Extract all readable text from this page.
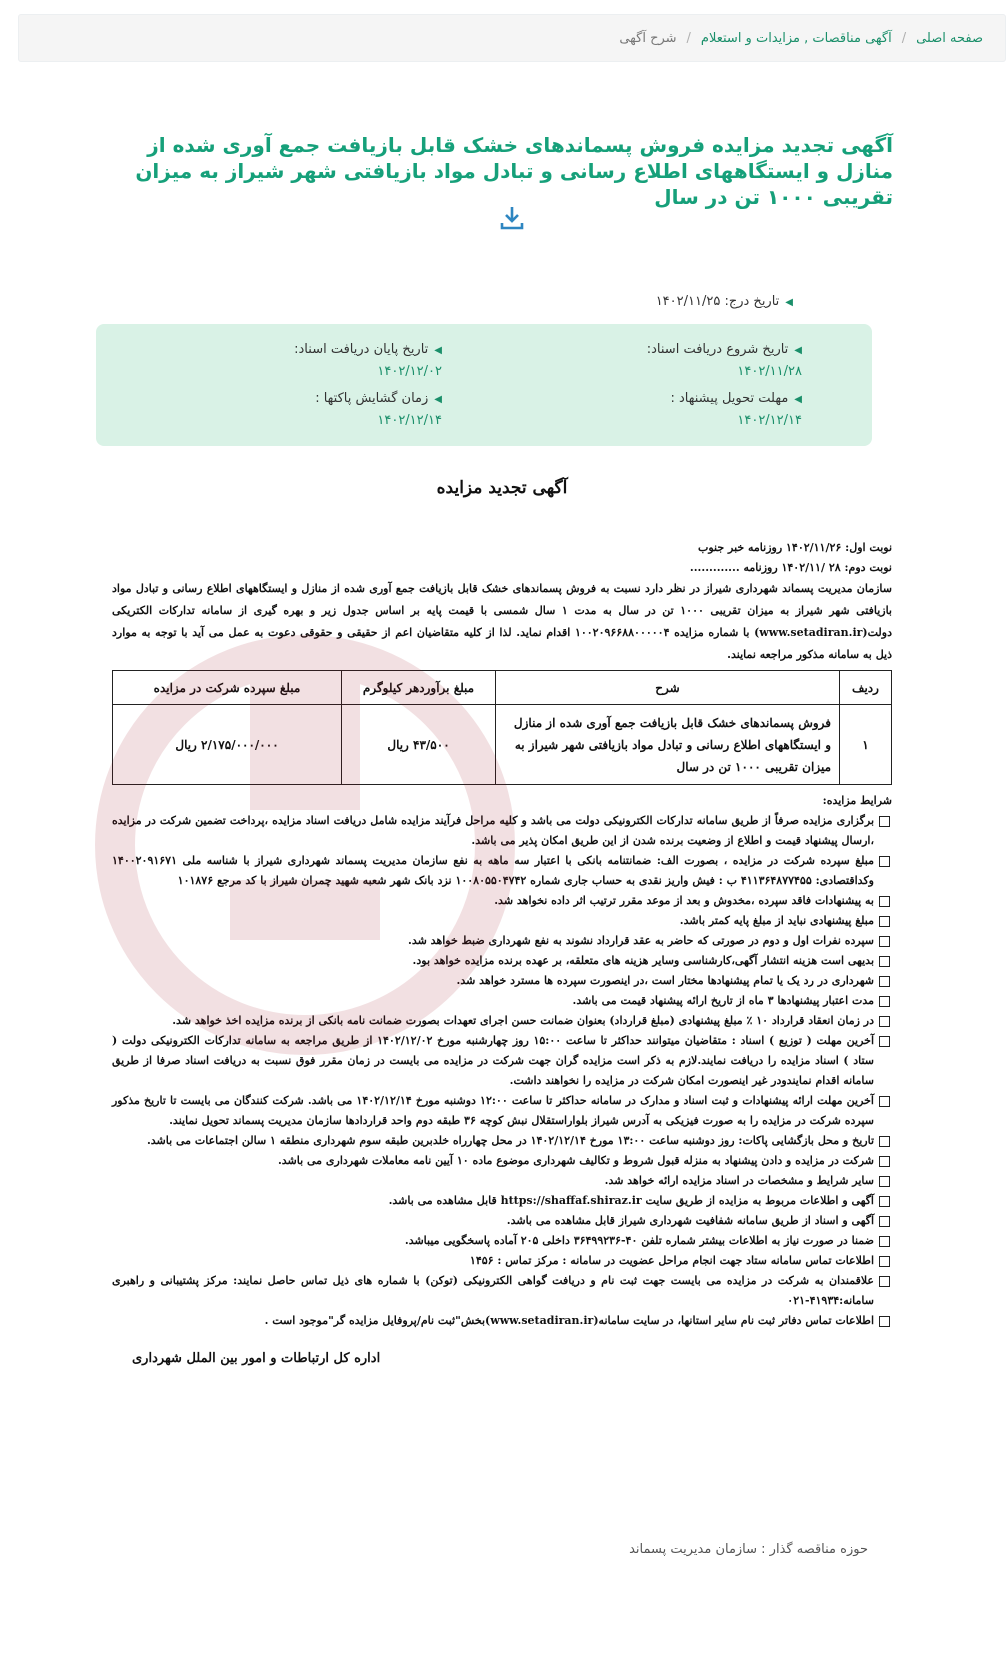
صفحه اصلی
/
آگهی مناقصات , مزایدات و استعلام
/
شرح آگهی
آگهی تجدید مزایده فروش پسماندهای خشک قابل بازیافت جمع آوری شده از منازل و ایستگاههای اطلاع رسانی و تبادل مواد بازیافتی شهر شیراز به میزان تقریبی ۱۰۰۰ تن در سال
◀تاریخ درج: ۱۴۰۲/۱۱/۲۵
◀تاریخ شروع دریافت اسناد:
۱۴۰۲/۱۱/۲۸
◀تاریخ پایان دریافت اسناد:
۱۴۰۲/۱۲/۰۲
◀مهلت تحویل پیشنهاد :
۱۴۰۲/۱۲/۱۴
◀زمان گشایش پاکتها :
۱۴۰۲/۱۲/۱۴
آگهی تجدید مزایده
نوبت اول: ۱۴۰۲/۱۱/۲۶ روزنامه خبر جنوب
نوبت دوم: ۲۸ /۱۴۰۲/۱۱ روزنامه .............

سازمان مدیریت پسماند شهرداری شیراز در نظر دارد نسبت به فروش پسماندهای خشک قابل بازیافت جمع آوری شده از منازل و ایستگاههای اطلاع رسانی و تبادل مواد بازیافتی شهر شیراز به میزان تقریبی ۱۰۰۰ تن در سال به مدت ۱ سال شمسی با قیمت پایه بر اساس جدول زیر و بهره گیری از سامانه تدارکات الکتریکی دولت(www.setadiran.ir) با شماره مزایده ۱۰۰۲۰۹۶۶۸۸۰۰۰۰۰۴ اقدام نماید. لذا از کلیه متقاضیان اعم از حقیقی و حقوقی دعوت به عمل می آید با توجه به موارد ذیل به سامانه مذکور مراجعه نمایند.

ردیف	شرح	مبلغ برآوردهر کیلوگرم	مبلغ سپرده شرکت در مزایده
۱	فروش پسماندهای خشک قابل بازیافت جمع آوری شده از منازل و ایستگاههای اطلاع رسانی و تبادل مواد بازیافتی شهر شیراز به میزان تقریبی ۱۰۰۰ تن در سال	۴۳/۵۰۰ ریال	۲/۱۷۵/۰۰۰/۰۰۰ ریال
شرایط مزایده:
برگزاری مزایده صرفاً از طریق سامانه تدارکات الکترونیکی دولت می باشد و کلیه مراحل فرآیند مزایده شامل دریافت اسناد مزایده ،پرداخت تضمین شرکت در مزایده ،ارسال پیشنهاد قیمت و اطلاع از وضعیت برنده شدن از این طریق امکان پذیر می باشد.
مبلغ سپرده شرکت در مزایده ، بصورت الف: ضمانتنامه بانکی با اعتبار سه ماهه به نفع سازمان مدیریت پسماند شهرداری شیراز با شناسه ملی ۱۴۰۰۲۰۹۱۶۷۱ وکداقتصادی: ۴۱۱۳۶۴۸۷۷۴۵۵ ب : فیش واریز نقدی به حساب جاری شماره ۱۰۰۸۰۵۵۰۴۷۴۲ نزد بانک شهر شعبه شهید چمران شیراز با کد مرجع ۱۰۱۸۷۶
به پیشنهادات فاقد سپرده ،مخدوش و بعد از موعد مقرر ترتیب اثر داده نخواهد شد.
مبلغ پیشنهادی نباید از مبلغ پایه کمتر باشد.
سپرده نفرات اول و دوم در صورتی که حاضر به عقد قرارداد نشوند به نفع شهرداری ضبط خواهد شد.
بدیهی است هزینه انتشار آگهی،کارشناسی وسایر هزینه های متعلقه، بر عهده برنده مزایده خواهد بود.
شهرداری در رد یک یا تمام پیشنهادها مختار است ،در اینصورت سپرده ها مسترد خواهد شد.
مدت اعتبار پیشنهادها ۳ ماه از تاریخ ارائه پیشنهاد قیمت می باشد.
در زمان انعقاد قرارداد ۱۰ ٪ مبلغ پیشنهادی (مبلغ قرارداد) بعنوان ضمانت حسن اجرای تعهدات بصورت ضمانت نامه بانکی از برنده مزایده اخذ خواهد شد.
آخرین مهلت ( توزیع ) اسناد : متقاضیان میتوانند حداکثر تا ساعت ۱۵:۰۰ روز چهارشنبه مورخ ۱۴۰۲/۱۲/۰۲ از طریق مراجعه به سامانه تدارکات الکترونیکی دولت ( ستاد ) اسناد مزایده را دریافت نمایند.لازم به ذکر است مزایده گران جهت شرکت در مزایده می بایست در زمان مقرر فوق نسبت به دریافت اسناد صرفا از طریق سامانه اقدام نمایندودر غیر اینصورت امکان شرکت در مزایده را نخواهند داشت.
آخرین مهلت ارائه پیشنهادات و ثبت اسناد و مدارک در سامانه حداکثر تا ساعت ۱۲:۰۰ دوشنبه مورخ ۱۴۰۲/۱۲/۱۴ می باشد. شرکت کنندگان می بایست تا تاریخ مذکور سپرده شرکت در مزایده را به صورت فیزیکی به آدرس شیراز بلواراستقلال نبش کوچه ۳۶ طبقه دوم واحد قراردادها سازمان مدیریت پسماند تحویل نمایند.
تاریخ و محل بازگشایی پاکات: روز دوشنبه ساعت ۱۳:۰۰ مورخ ۱۴۰۲/۱۲/۱۴ در محل چهارراه خلدبرین طبقه سوم شهرداری منطقه ۱ سالن اجتماعات می باشد.
شرکت در مزایده و دادن پیشنهاد به منزله قبول شروط و تکالیف شهرداری موضوع ماده ۱۰ آیین نامه معاملات شهرداری می باشد.
سایر شرایط و مشخصات در اسناد مزایده ارائه خواهد شد.
آگهی و اطلاعات مربوط به مزایده از طریق سایت https://shaffaf.shiraz.ir قابل مشاهده می باشد.
آگهی و اسناد از طریق سامانه شفافیت شهرداری شیراز قابل مشاهده می باشد.
ضمنا در صورت نیاز به اطلاعات بیشتر شماره تلفن ۴۰-۳۶۴۹۹۲۳۶ داخلی ۲۰۵ آماده پاسخگویی میباشد.
اطلاعات تماس سامانه ستاد جهت انجام مراحل عضویت در سامانه : مرکز تماس : ۱۴۵۶
علاقمندان به شرکت در مزایده می بایست جهت ثبت نام و دریافت گواهی الکترونیکی (توکن) با شماره های ذیل تماس حاصل نمایند: مرکز پشتیبانی و راهبری سامانه:۴۱۹۳۴-۰۲۱
اطلاعات تماس دفاتر ثبت نام سایر استانها، در سایت سامانه(www.setadiran.ir)بخش"ثبت نام/پروفایل مزایده گر"موجود است .
اداره کل ارتباطات و امور بین الملل شهرداری
حوزه مناقصه گذار : سازمان مدیریت پسماند
